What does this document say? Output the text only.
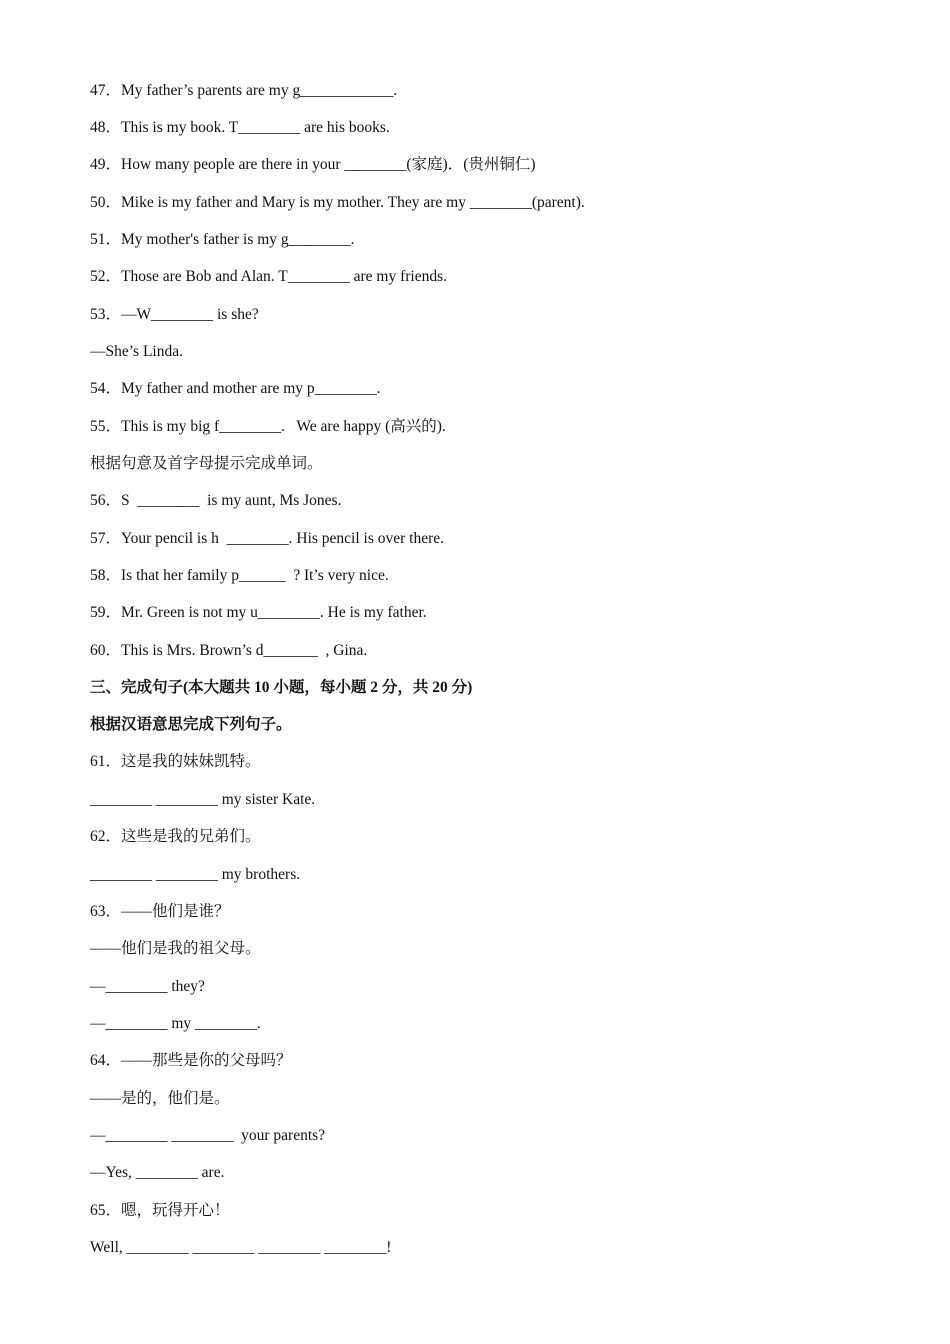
47．My father’s parents are my g____________.
48．This is my book. T________ are his books.
49．How many people are there in your ________(家庭)．(贵州铜仁)
50．Mike is my father and Mary is my mother. They are my ________(parent).
51．My mother's father is my g________.
52．Those are Bob and Alan. T________ are my friends.
53．—W________ is she?
—She’s Linda.
54．My father and mother are my p________.
55．This is my big f________.   We are happy (高兴的).
根据句意及首字母提示完成单词。
56．S  ________  is my aunt, Ms Jones.
57．Your pencil is h  ________. His pencil is over there.
58．Is that her family p______  ? It’s very nice.
59．Mr. Green is not my u________. He is my father.
60．This is Mrs. Brown’s d_______  , Gina.
三、完成句子(本大题共 10 小题，每小题 2 分，共 20 分)
根据汉语意思完成下列句子。
61．这是我的妹妹凯特。
________ ________ my sister Kate.
62．这些是我的兄弟们。
________ ________ my brothers.
63．——他们是谁？
——他们是我的祖父母。
—________ they?
—________ my ________.
64．——那些是你的父母吗？
——是的，他们是。
—________ ________  your parents?
—Yes, ________ are.
65．嗯，玩得开心！
Well, ________ ________ ________ ________!
